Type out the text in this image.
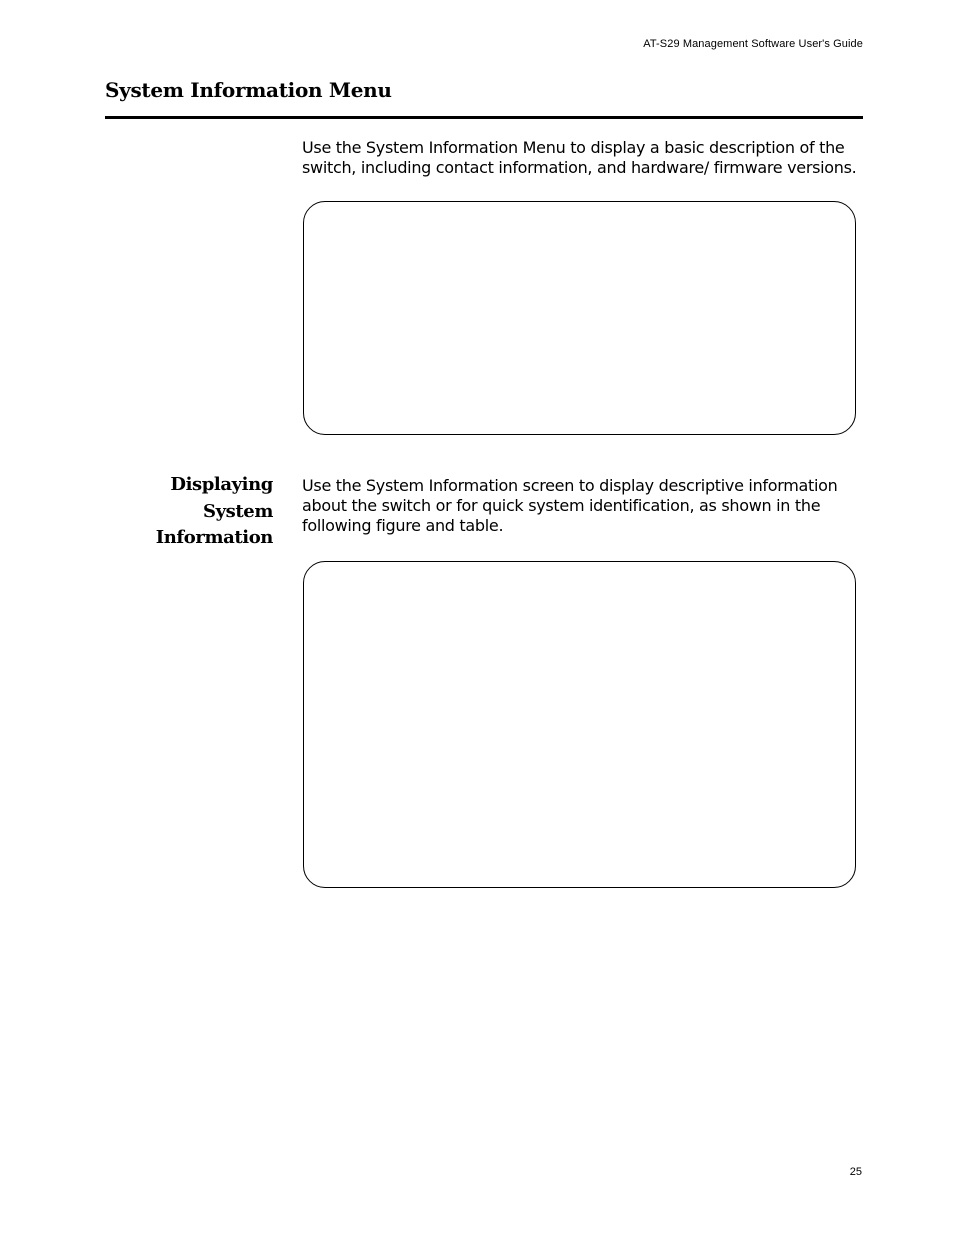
AT-S29 Management Software User's Guide
System Information Menu

Use the System Information Menu to display a basic description of the switch, including contact information, and hardware/ firmware versions.

Displaying
System
Information

Use the System Information screen to display descriptive information about the switch or for quick system identification, as shown in the following figure and table.

25
